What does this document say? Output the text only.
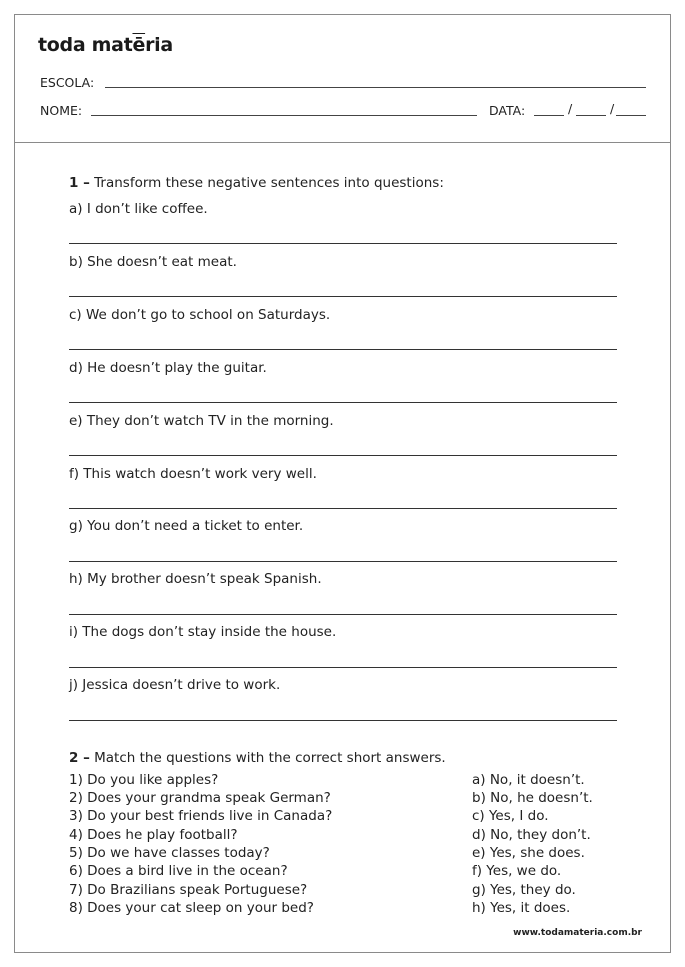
toda $mat\overline{ē}ria$
ESCOLA:
NOME:	DATA:	/	/
1 – Transform these negative sentences into questions:
a) I don’t like coffee.
b) She doesn’t eat meat.
c) We don’t go to school on Saturdays.
d) He doesn’t play the guitar.
e) They don’t watch TV in the morning.
f) This watch doesn’t work very well.
g) You don’t need a ticket to enter.
h) My brother doesn’t speak Spanish.
i) The dogs don’t stay inside the house.
j) Jessica doesn’t drive to work.
2 – Match the questions with the correct short answers.
1) Do you like apples?
2) Does your grandma speak German?
3) Do your best friends live in Canada?
4) Does he play football?
5) Do we have classes today?
6) Does a bird live in the ocean?
7) Do Brazilians speak Portuguese?
8) Does your cat sleep on your bed?
a) No, it doesn’t.
b) No, he doesn’t.
c) Yes, I do.
d) No, they don’t.
e) Yes, she does.
f) Yes, we do.
g) Yes, they do.
h) Yes, it does.
www.todamateria.com.br
